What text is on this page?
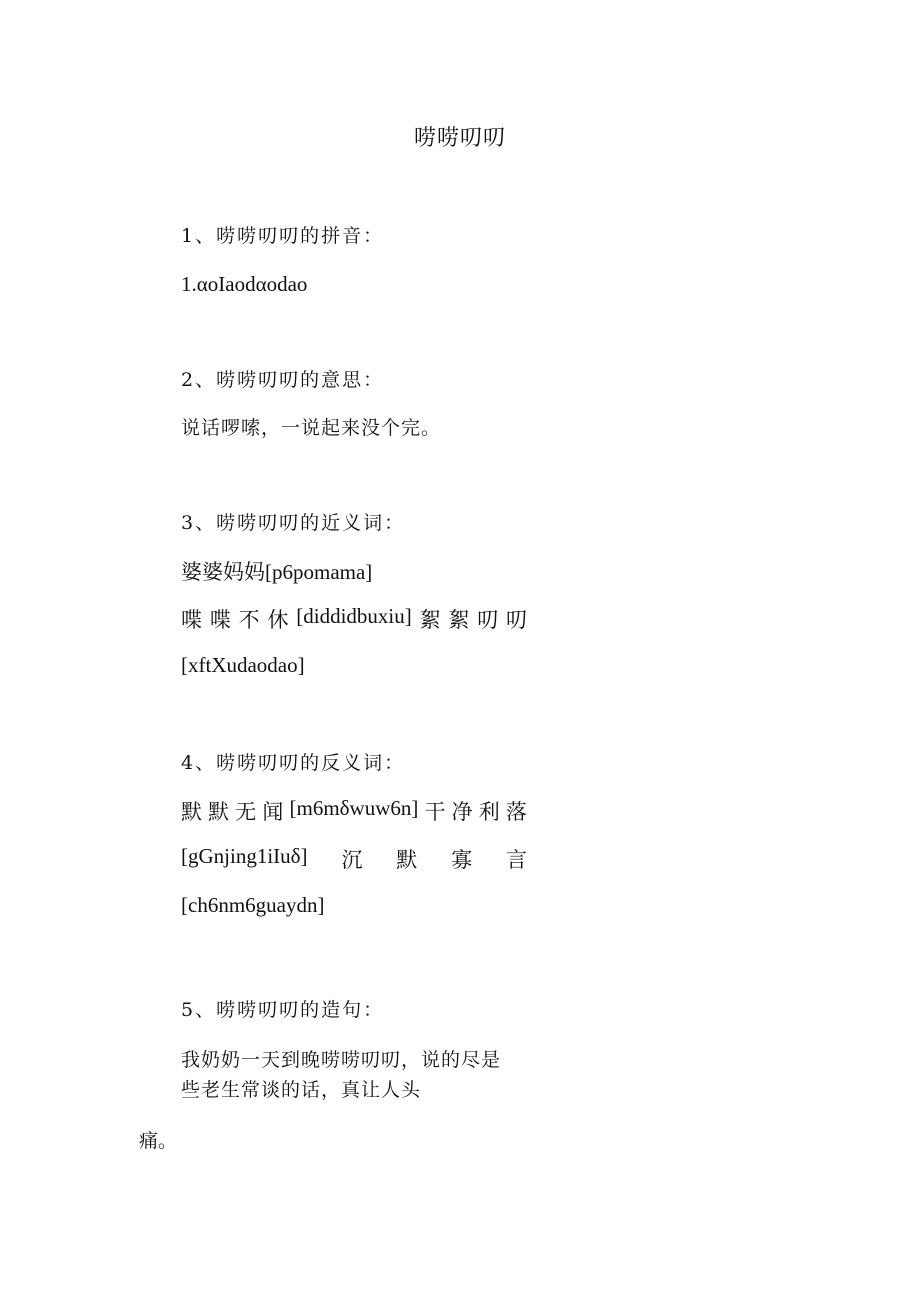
唠唠叨叨
1、唠唠叨叨的拼音：
1.αoIaodαodao
2、唠唠叨叨的意思：
说话啰嗦，一说起来没个完。
3、唠唠叨叨的近义词：
婆婆妈妈[p6pomama]
喋 喋 不 休 [diddidbuxiu] 絮 絮 叨 叨
[xftXudaodao]
4、唠唠叨叨的反义词：
默 默 无 闻 [m6mδwuw6n] 干 净 利 落
[gGnjing1iIuδ] 沉 默 寡 言
[ch6nm6guaydn]
5、唠唠叨叨的造句：
我奶奶一天到晚唠唠叨叨，说的尽是
些老生常谈的话，真让人头
痛。
